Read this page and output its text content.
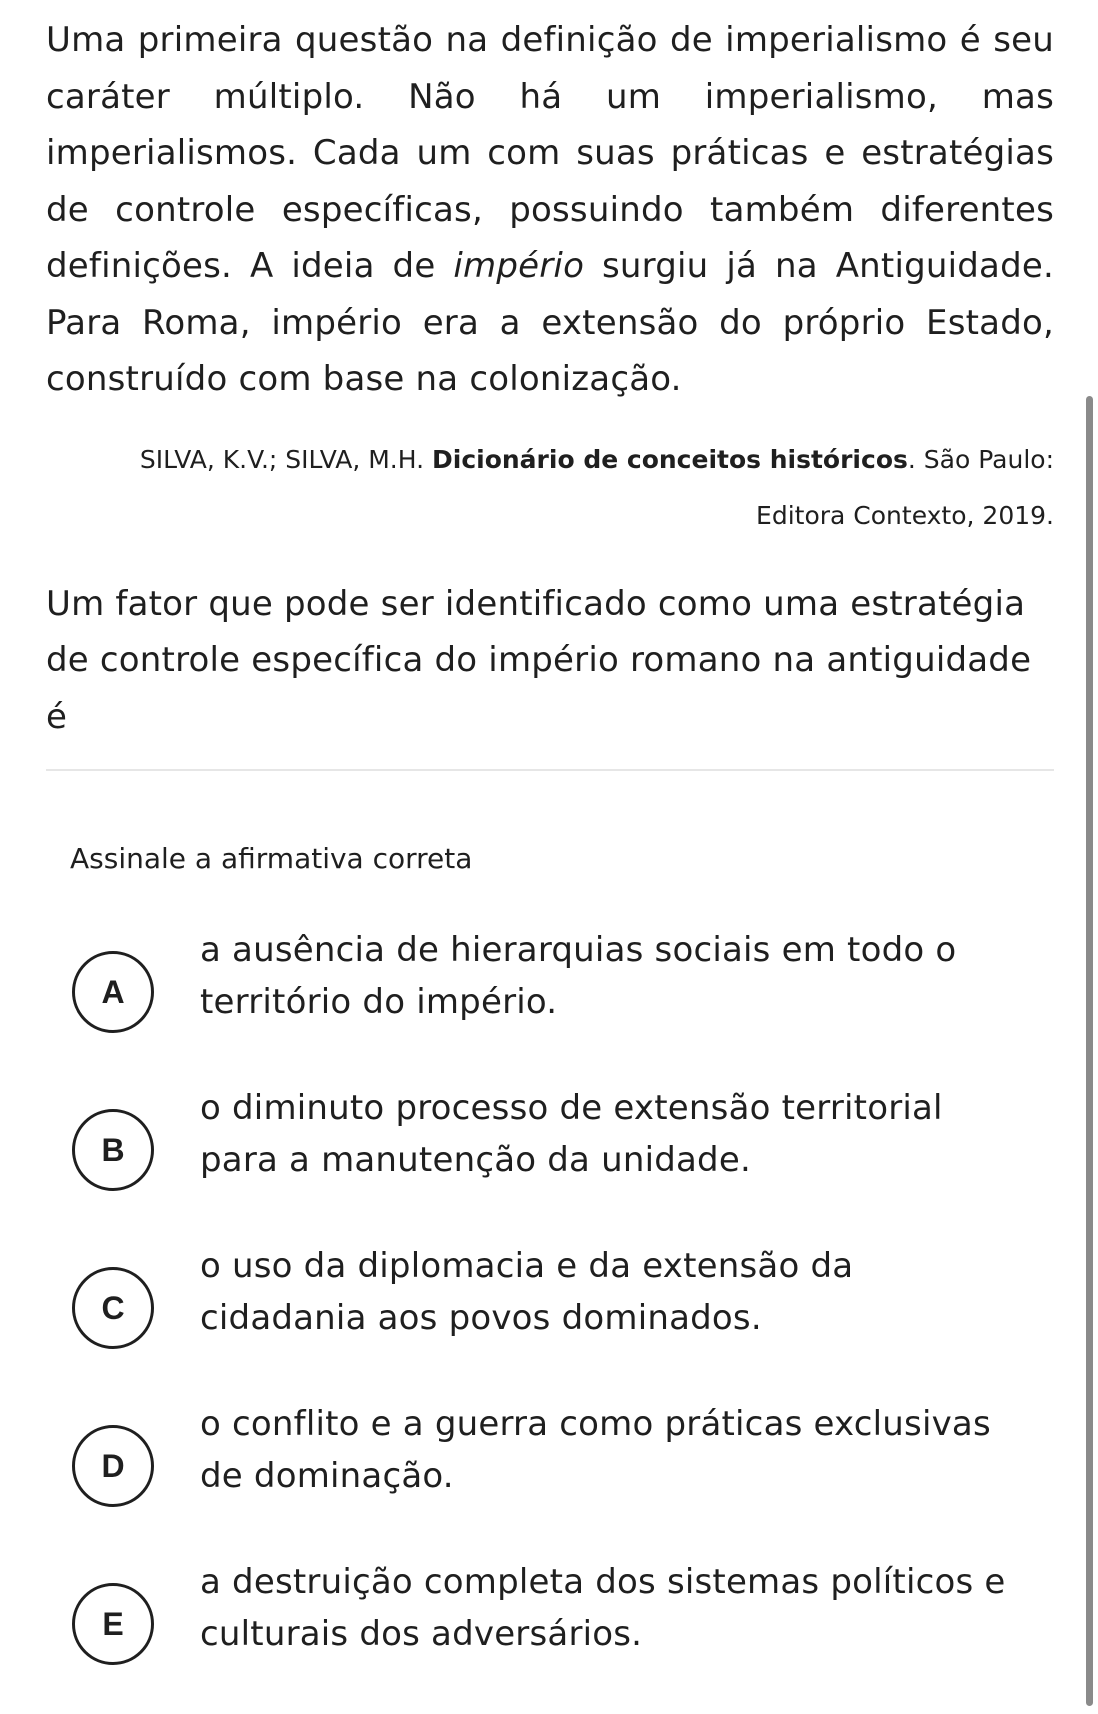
Uma primeira questão na definição de imperialismo é seu caráter múltiplo. Não há um imperialismo, mas imperialismos. Cada um com suas práticas e estratégias de controle específicas, possuindo também diferentes definições. A ideia de império surgiu já na Antiguidade. Para Roma, império era a extensão do próprio Estado, construído com base na colonização.

SILVA, K.V.; SILVA, M.H. Dicionário de conceitos históricos. São Paulo: Editora Contexto, 2019.
Um fator que pode ser identificado como uma estratégia de controle específica do império romano na antiguidade é
Assinale a afirmativa correta
A
a ausência de hierarquias sociais em todo o território do império.
B
o diminuto processo de extensão territorial para a manutenção da unidade.
C
o uso da diplomacia e da extensão da cidadania aos povos dominados.
D
o conflito e a guerra como práticas exclusivas de dominação.
E
a destruição completa dos sistemas políticos e culturais dos adversários.
